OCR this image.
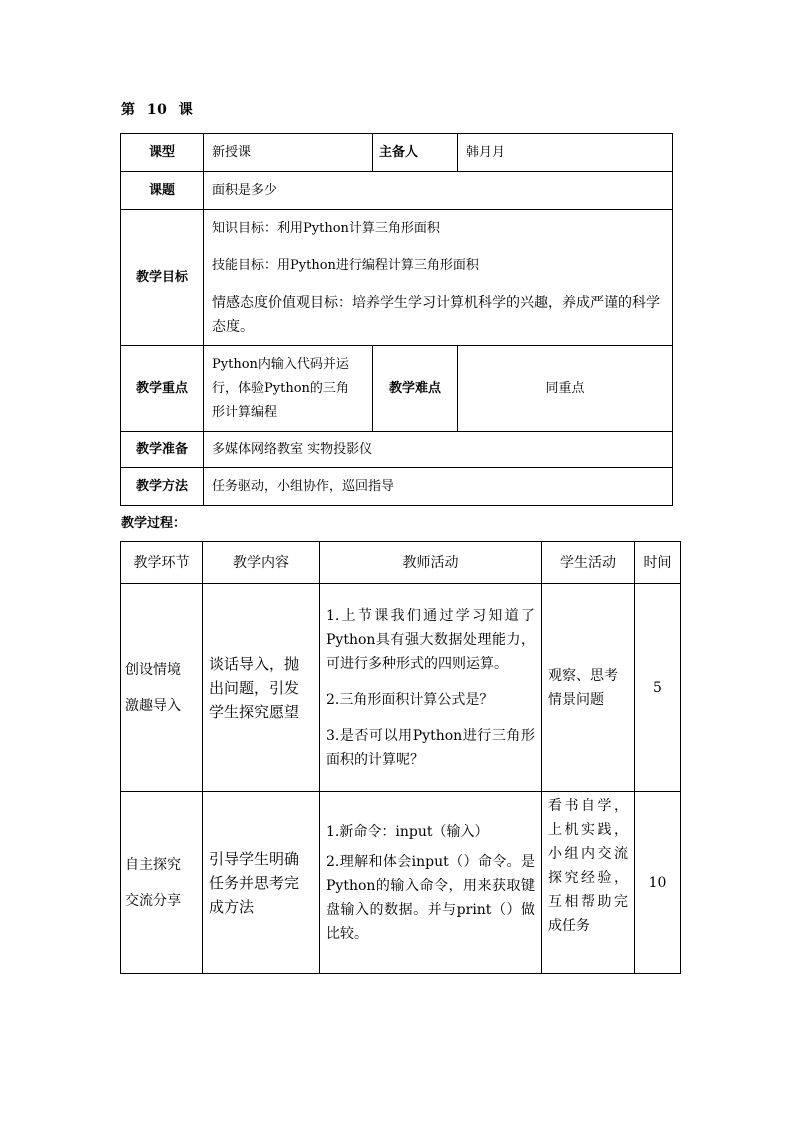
第 10 课
课型	新授课	主备人	韩月月
课题	面积是多少		
教学目标	知识目标：利用Python计算三角形面积
技能目标：用Python进行编程计算三角形面积
情感态度价值观目标：培养学生学习计算机科学的兴趣，养成严谨的科学态度。		

教学重点	Python内输入代码并运行，体验Python的三角形计算编程	教学难点	同重点
教学准备	多媒体网络教室 实物投影仪		
教学方法	任务驱动，小组协作，巡回指导		
教学过程：
教学环节	教学内容	教师活动	学生活动	时间

创设情境
激趣导入	谈话导入，抛出问题，引发学生探究愿望	1.上节课我们通过学习知道了Python具有强大数据处理能力，可进行多种形式的四则运算。
2.三角形面积计算公式是？
3.是否可以用Python进行三角形面积的计算呢？	观察、思考情景问题	5

自主探究
交流分享	引导学生明确任务并思考完成方法	1.新命令：input（输入）
2.理解和体会input（）命令。是Python的输入命令，用来获取键盘输入的数据。并与print（）做比较。	看书自学，上机实践，小组内交流探究经验，互相帮助完成任务	10
